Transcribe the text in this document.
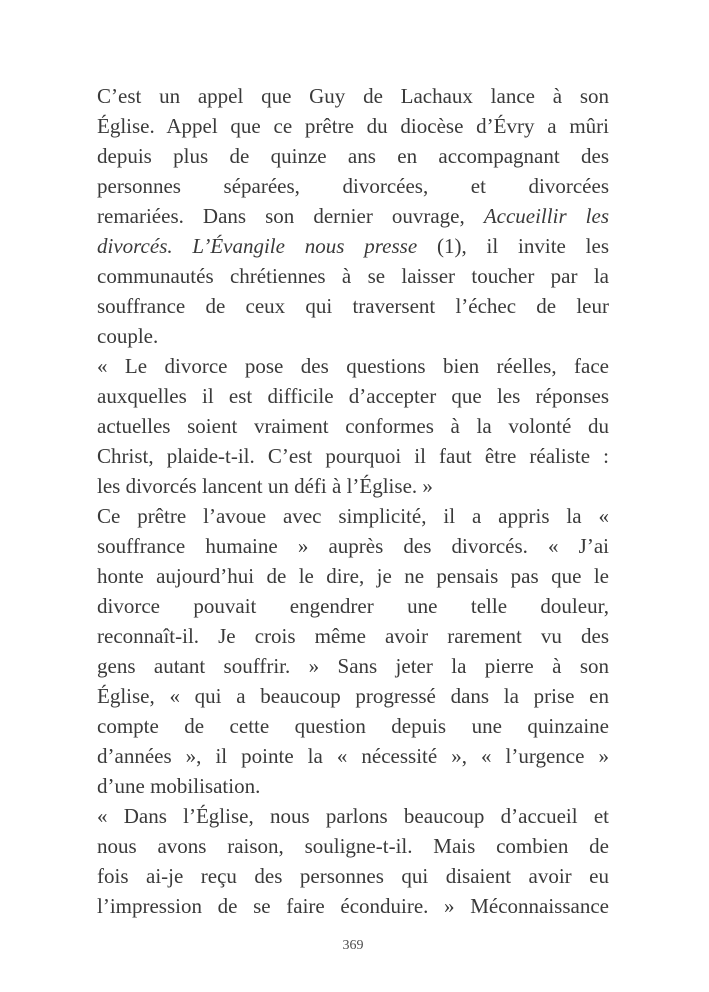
C’est un appel que Guy de Lachaux lance à son
Église. Appel que ce prêtre du diocèse d’Évry a mûri
depuis plus de quinze ans en accompagnant des
personnes séparées, divorcées, et divorcées
remariées. Dans son dernier ouvrage, Accueillir les
divorcés. L’Évangile nous presse (1), il invite les
communautés chrétiennes à se laisser toucher par la
souffrance de ceux qui traversent l’échec de leur
couple.
« Le divorce pose des questions bien réelles, face
auxquelles il est difficile d’accepter que les réponses
actuelles soient vraiment conformes à la volonté du
Christ, plaide-t-il. C’est pourquoi il faut être réaliste :
les divorcés lancent un défi à l’Église. »
Ce prêtre l’avoue avec simplicité, il a appris la «
souffrance humaine » auprès des divorcés. « J’ai
honte aujourd’hui de le dire, je ne pensais pas que le
divorce pouvait engendrer une telle douleur,
reconnaît-il. Je crois même avoir rarement vu des
gens autant souffrir. » Sans jeter la pierre à son
Église, « qui a beaucoup progressé dans la prise en
compte de cette question depuis une quinzaine
d’années », il pointe la « nécessité », « l’urgence »
d’une mobilisation.
« Dans l’Église, nous parlons beaucoup d’accueil et
nous avons raison, souligne-t-il. Mais combien de
fois ai-je reçu des personnes qui disaient avoir eu
l’impression de se faire éconduire. » Méconnaissance
369
